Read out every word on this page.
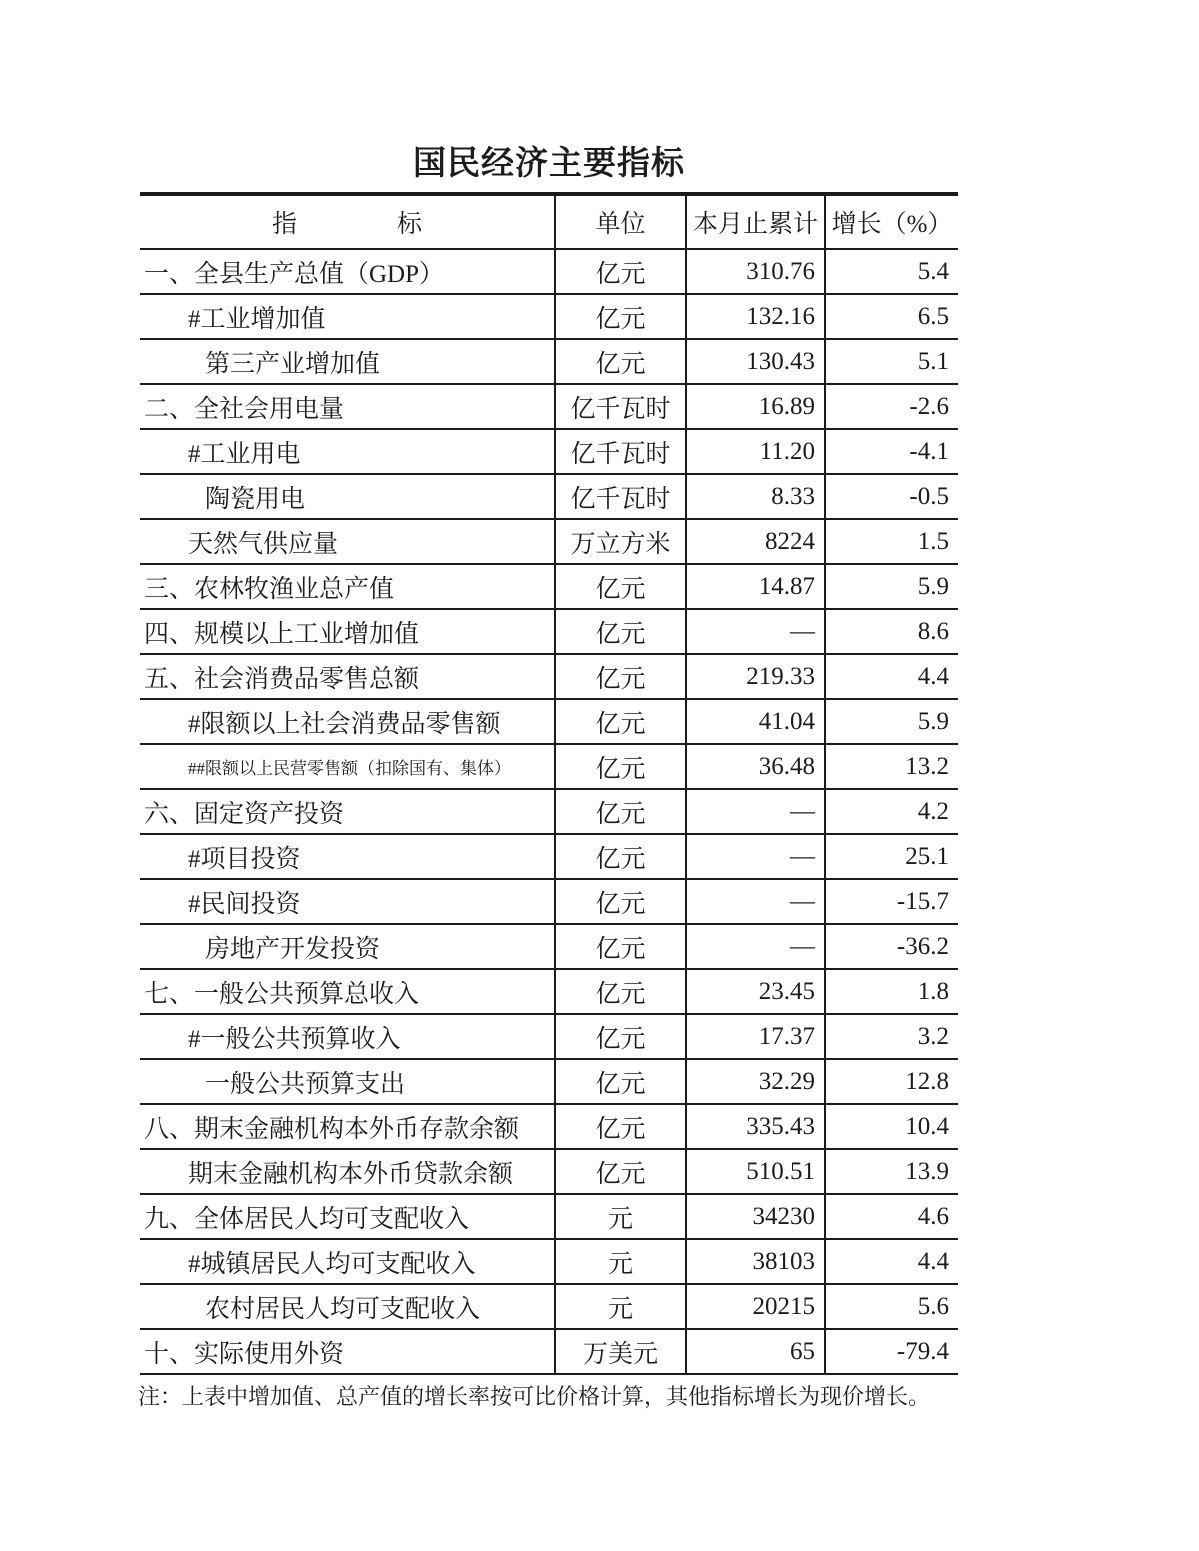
国民经济主要指标
指　　　　标	单位	本月止累计	增长（%）
一、全县生产总值（GDP）	亿元	310.76	5.4
#工业增加值	亿元	132.16	6.5
第三产业增加值	亿元	130.43	5.1
二、全社会用电量	亿千瓦时	16.89	-2.6
#工业用电	亿千瓦时	11.20	-4.1
陶瓷用电	亿千瓦时	8.33	-0.5
天然气供应量	万立方米	8224	1.5
三、农林牧渔业总产值	亿元	14.87	5.9
四、规模以上工业增加值	亿元	—	8.6
五、社会消费品零售总额	亿元	219.33	4.4
#限额以上社会消费品零售额	亿元	41.04	5.9
##限额以上民营零售额（扣除国有、集体）	亿元	36.48	13.2
六、固定资产投资	亿元	—	4.2
#项目投资	亿元	—	25.1
#民间投资	亿元	—	-15.7
房地产开发投资	亿元	—	-36.2
七、一般公共预算总收入	亿元	23.45	1.8
#一般公共预算收入	亿元	17.37	3.2
一般公共预算支出	亿元	32.29	12.8
八、期末金融机构本外币存款余额	亿元	335.43	10.4
期末金融机构本外币贷款余额	亿元	510.51	13.9
九、全体居民人均可支配收入	元	34230	4.6
#城镇居民人均可支配收入	元	38103	4.4
农村居民人均可支配收入	元	20215	5.6
十、实际使用外资	万美元	65	-79.4

注：上表中增加值、总产值的增长率按可比价格计算，其他指标增长为现价增长。
